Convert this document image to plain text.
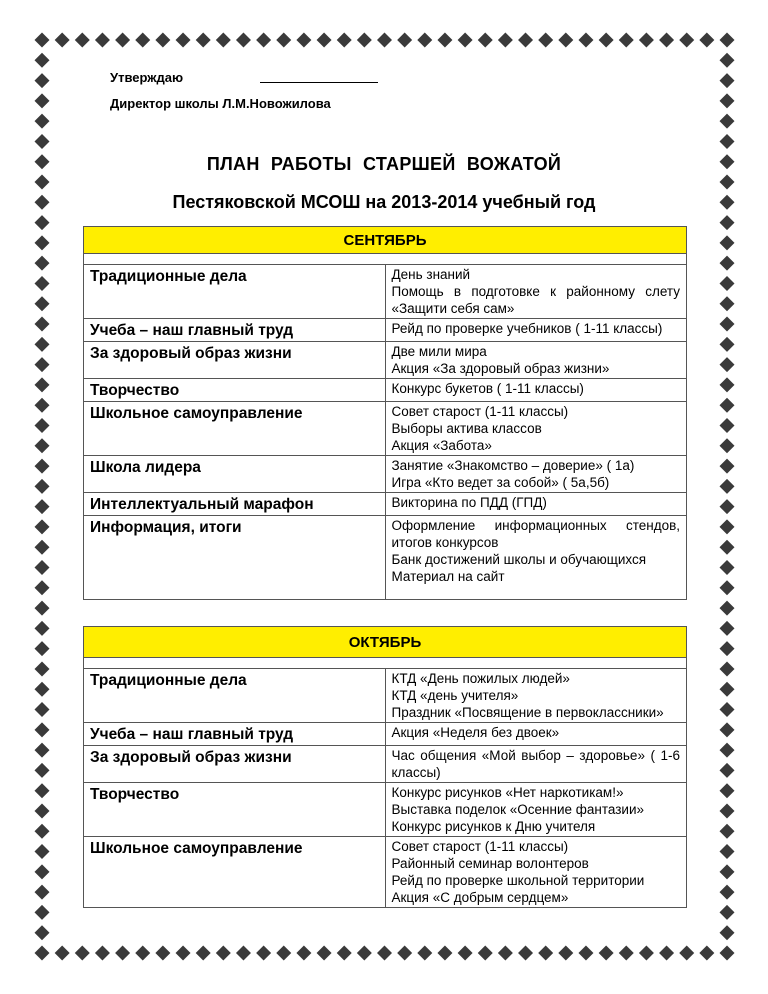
Утверждаю
Директор школы Л.М.Новожилова
ПЛАН РАБОТЫ СТАРШЕЙ ВОЖАТОЙ
Пестяковской МСОШ на 2013-2014 учебный год
СЕНТЯБРЬ	

Традиционные дела	День знаний
Помощь в подготовке к районному слету «Защити себя сам»

Учеба – наш главный труд	Рейд по проверке учебников ( 1-11 классы)

За здоровый образ жизни	Две мили мира
Акция «За здоровый образ жизни»

Творчество	Конкурс букетов ( 1-11 классы)

Школьное самоуправление	Совет старост (1-11 классы)
Выборы актива классов
Акция «Забота»

Школа лидера	Занятие «Знакомство – доверие» ( 1а)
Игра «Кто ведет за собой» ( 5а,5б)

Интеллектуальный марафон	Викторина по ПДД (ГПД)

Информация, итоги	Оформление информационных стендов, итогов конкурсов
Банк достижений школы и обучающихся
Материал на сайт
ОКТЯБРЬ	

Традиционные дела	КТД «День пожилых людей»
КТД «день учителя»
Праздник «Посвящение в первоклассники»

Учеба – наш главный труд	Акция «Неделя без двоек»

За здоровый образ жизни	Час общения «Мой выбор – здоровье» ( 1-6 классы)

Творчество	Конкурс рисунков «Нет наркотикам!»
Выставка поделок «Осенние фантазии»
Конкурс рисунков к Дню учителя

Школьное самоуправление	Совет старост (1-11 классы)
Районный семинар волонтеров
Рейд по проверке школьной территории
Акция «С добрым сердцем»
